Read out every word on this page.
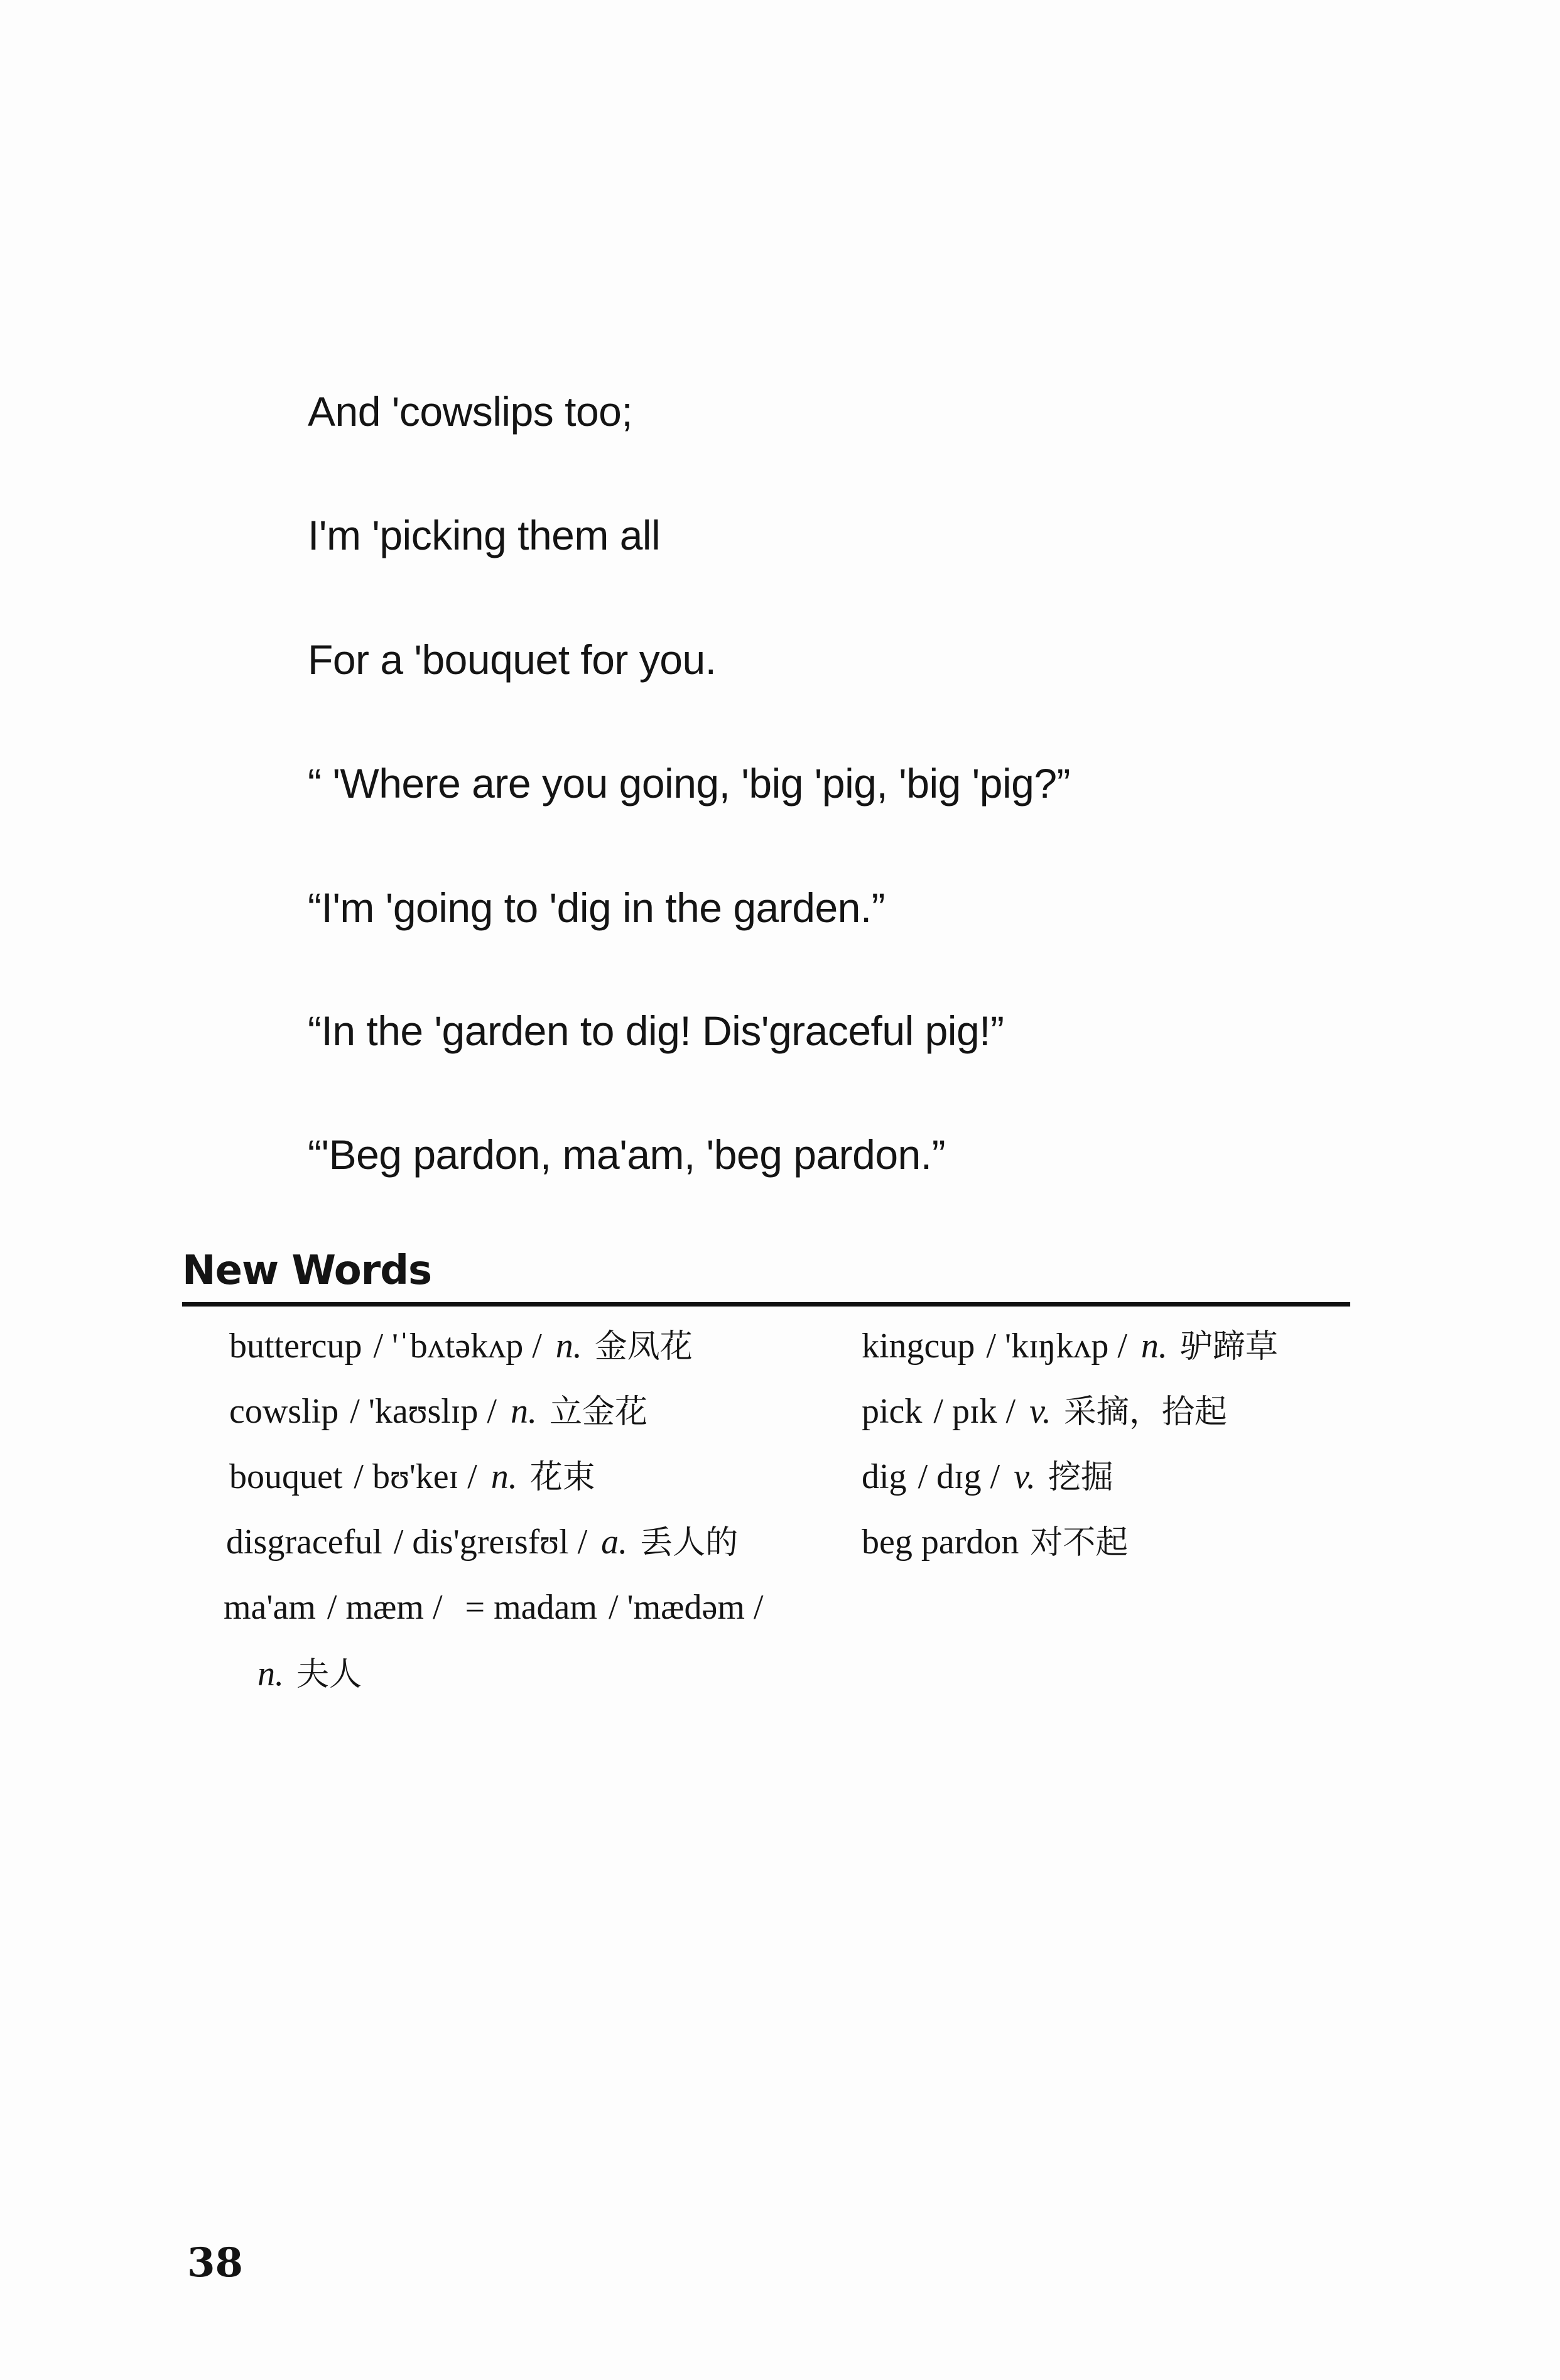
And 'cowslips too;
I'm 'picking them all
For a 'bouquet for you.
“ 'Where are you going, 'big 'pig, 'big 'pig?”
“I'm 'going to 'dig in the garden.”
“In the 'garden to dig! Dis'graceful pig!”
“'Beg pardon, ma'am, 'beg pardon.”
New Words
buttercup / 'ˈbʌtəkʌp / n. 金凤花
cowslip / 'kaʊslɪp / n. 立金花
bouquet / bʊ'keɪ / n. 花束
disgraceful / dis'greɪsfʊl / a. 丢人的
ma'am / mæm / = madam / 'mædəm /
n. 夫人
kingcup / 'kɪŋkʌp / n. 驴蹄草
pick / pɪk / v. 采摘，拾起
dig / dɪg / v. 挖掘
beg pardon 对不起
38
